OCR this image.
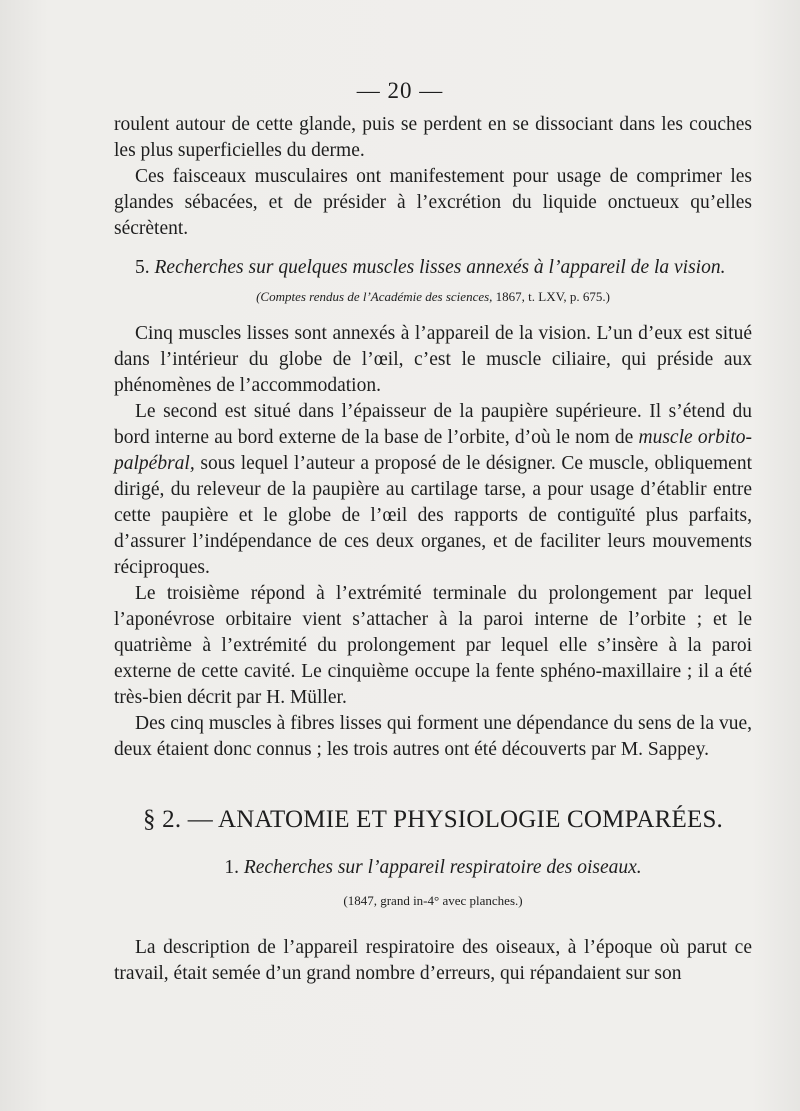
— 20 —

roulent autour de cette glande, puis se perdent en se dissociant dans les couches les plus superficielles du derme.

Ces faisceaux musculaires ont manifestement pour usage de comprimer les glandes sébacées, et de présider à l’excrétion du liquide onctueux qu’elles sécrètent.

5. Recherches sur quelques muscles lisses annexés à l’appareil de la vision.

(Comptes rendus de l’Académie des sciences, 1867, t. LXV, p. 675.)

Cinq muscles lisses sont annexés à l’appareil de la vision. L’un d’eux est situé dans l’intérieur du globe de l’œil, c’est le muscle ciliaire, qui préside aux phénomènes de l’accommodation.

Le second est situé dans l’épaisseur de la paupière supérieure. Il s’étend du bord interne au bord externe de la base de l’orbite, d’où le nom de muscle orbito-palpébral, sous lequel l’auteur a proposé de le désigner. Ce muscle, obliquement dirigé, du releveur de la paupière au cartilage tarse, a pour usage d’établir entre cette paupière et le globe de l’œil des rapports de contiguïté plus parfaits, d’assurer l’indépendance de ces deux organes, et de faciliter leurs mouvements réciproques.

Le troisième répond à l’extrémité terminale du prolongement par lequel l’aponévrose orbitaire vient s’attacher à la paroi interne de l’orbite ; et le quatrième à l’extrémité du prolongement par lequel elle s’insère à la paroi externe de cette cavité. Le cinquième occupe la fente sphéno-maxillaire ; il a été très-bien décrit par H. Müller.

Des cinq muscles à fibres lisses qui forment une dépendance du sens de la vue, deux étaient donc connus ; les trois autres ont été découverts par M. Sappey.

§ 2. — ANATOMIE ET PHYSIOLOGIE COMPARÉES.

1. Recherches sur l’appareil respiratoire des oiseaux.

(1847, grand in-4° avec planches.)

La description de l’appareil respiratoire des oiseaux, à l’époque où parut ce travail, était semée d’un grand nombre d’erreurs, qui répandaient sur son
